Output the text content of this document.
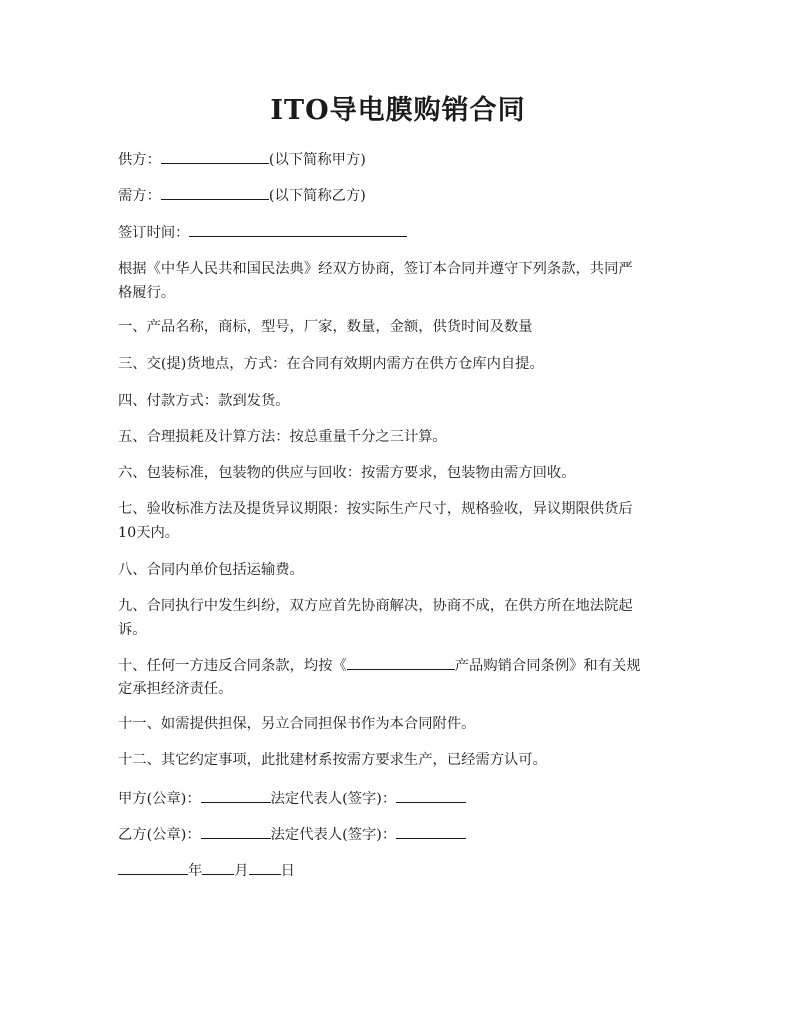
ITO导电膜购销合同
供方：	(以下简称甲方)
需方：	(以下简称乙方)
签订时间：
根据《中华人民共和国民法典》经双方协商，签订本合同并遵守下列条款，共同严
格履行。
一、产品名称，商标，型号，厂家，数量，金额，供货时间及数量
三、交(提)货地点，方式：在合同有效期内需方在供方仓库内自提。
四、付款方式：款到发货。
五、合理损耗及计算方法：按总重量千分之三计算。
六、包装标准，包装物的供应与回收：按需方要求，包装物由需方回收。
七、验收标准方法及提货异议期限：按实际生产尺寸，规格验收，异议期限供货后
10天内。
八、合同内单价包括运输费。
九、合同执行中发生纠纷，双方应首先协商解决，协商不成，在供方所在地法院起
诉。
十、任何一方违反合同条款，均按《	产品购销合同条例》和有关规
定承担经济责任。
十一、如需提供担保，另立合同担保书作为本合同附件。
十二、其它约定事项，此批建材系按需方要求生产，已经需方认可。
甲方(公章)：	法定代表人(签字)：
乙方(公章)：	法定代表人(签字)：
年 月 日
